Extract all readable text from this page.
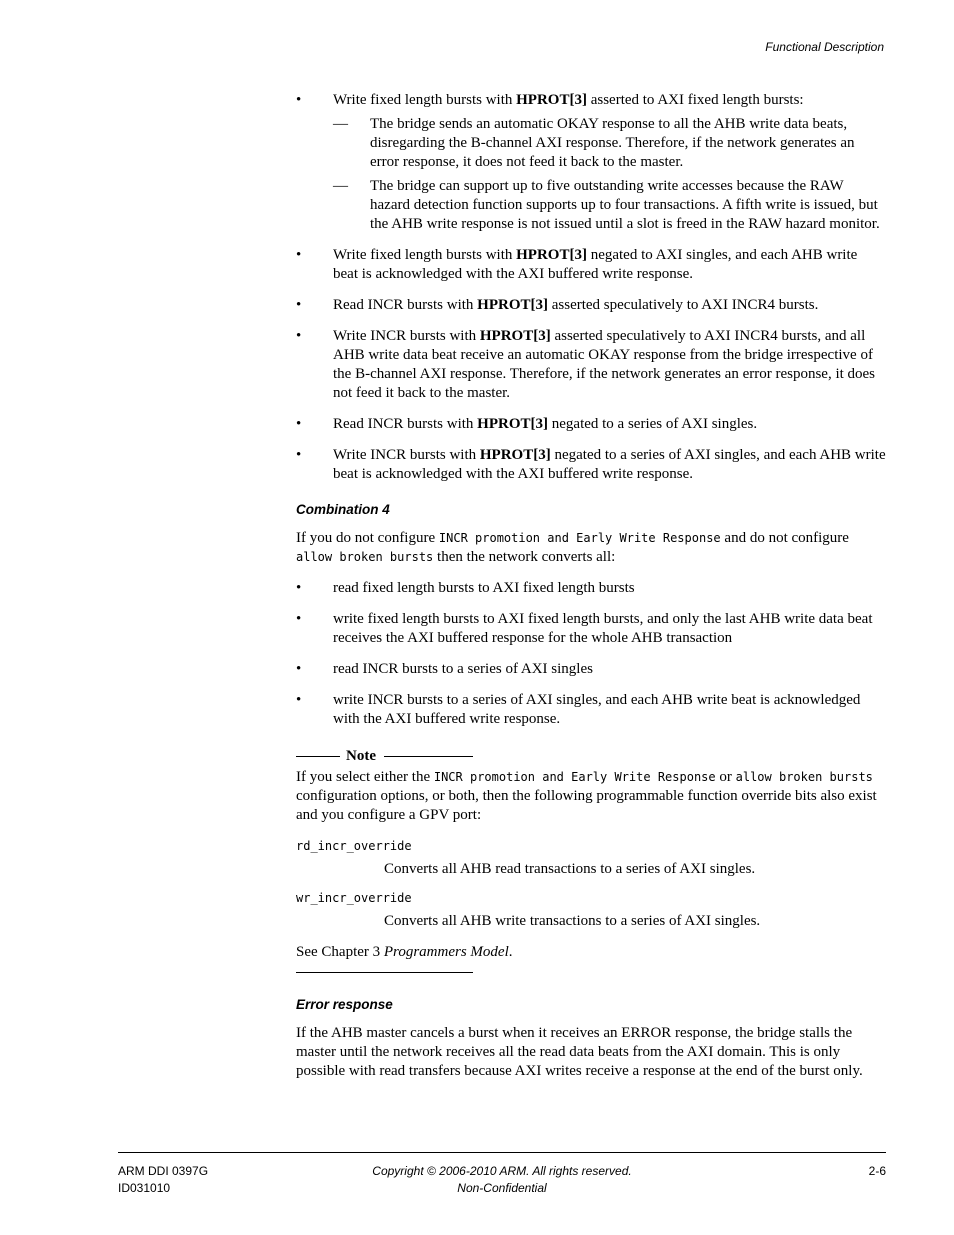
Functional Description
• Write fixed length bursts with HPROT[3] asserted to AXI fixed length bursts:
— The bridge sends an automatic OKAY response to all the AHB write data beats, disregarding the B-channel AXI response. Therefore, if the network generates an error response, it does not feed it back to the master.
— The bridge can support up to five outstanding write accesses because the RAW hazard detection function supports up to four transactions. A fifth write is issued, but the AHB write response is not issued until a slot is freed in the RAW hazard monitor.
• Write fixed length bursts with HPROT[3] negated to AXI singles, and each AHB write beat is acknowledged with the AXI buffered write response.
• Read INCR bursts with HPROT[3] asserted speculatively to AXI INCR4 bursts.
• Write INCR bursts with HPROT[3] asserted speculatively to AXI INCR4 bursts, and all AHB write data beat receive an automatic OKAY response from the bridge irrespective of the B-channel AXI response. Therefore, if the network generates an error response, it does not feed it back to the master.
• Read INCR bursts with HPROT[3] negated to a series of AXI singles.
• Write INCR bursts with HPROT[3] negated to a series of AXI singles, and each AHB write beat is acknowledged with the AXI buffered write response.
Combination 4

If you do not configure INCR promotion and Early Write Response and do not configure allow broken bursts then the network converts all:

• read fixed length bursts to AXI fixed length bursts
• write fixed length bursts to AXI fixed length bursts, and only the last AHB write data beat receives the AXI buffered response for the whole AHB transaction
• read INCR bursts to a series of AXI singles
• write INCR bursts to a series of AXI singles, and each AHB write beat is acknowledged with the AXI buffered write response.
Note

If you select either the INCR promotion and Early Write Response or allow broken bursts configuration options, or both, then the following programmable function override bits also exist and you configure a GPV port:

rd_incr_override
Converts all AHB read transactions to a series of AXI singles.
wr_incr_override
Converts all AHB write transactions to a series of AXI singles.

See Chapter 3 Programmers Model.

Error response

If the AHB master cancels a burst when it receives an ERROR response, the bridge stalls the master until the network receives all the read data beats from the AXI domain. This is only possible with read transfers because AXI writes receive a response at the end of the burst only.

ARM DDI 0397G
ID031010
Copyright © 2006-2010 ARM. All rights reserved.
Non-Confidential
2-6
